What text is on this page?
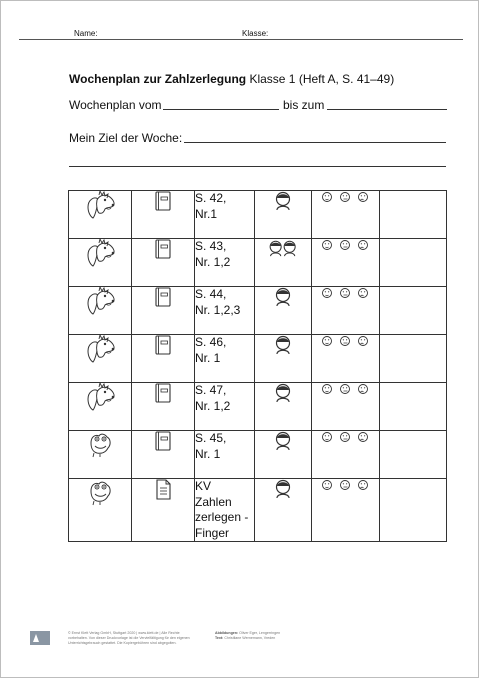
Name:	Klasse:
Wochenplan zur Zahlzerlegung Klasse 1 (Heft A, S. 41–49)
Wochenplan vom	bis zum
Mein Ziel der Woche:

S. 42,
Nr.1

S. 43,
Nr. 1,2

S. 44,
Nr. 1,2,3

S. 46,
Nr. 1

S. 47,
Nr. 1,2

S. 45,
Nr. 1

KV
Zahlen
zerlegen -
Finger

Klett
© Ernst Klett Verlag GmbH, Stuttgart 2020 | www.klett.de | Alle Rechte
vorbehalten. Von dieser Druckvorlage ist die Vervielfältigung für den eigenen
Unterrichtsgebrauch gestattet. Die Kopiergebühren sind abgegolten.
Abbildungen: Oliver Eger, Lengerringen
Text: Christliane Wernemann, Vreden
